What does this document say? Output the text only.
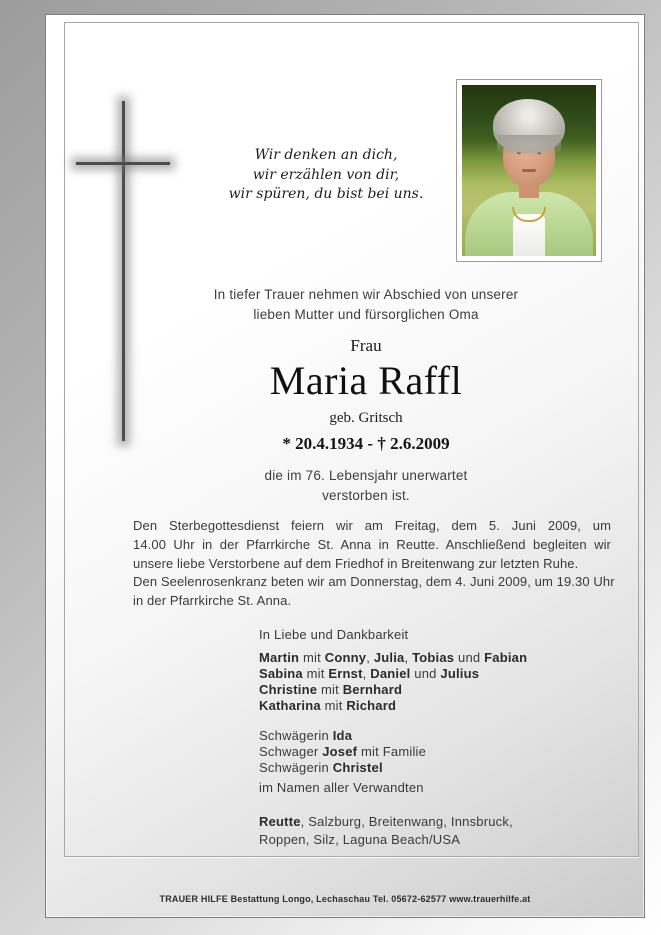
Wir denken an dich,
wir erzählen von dir,
wir spüren, du bist bei uns.
In tiefer Trauer nehmen wir Abschied von unserer
lieben Mutter und fürsorglichen Oma
Frau
Maria Raffl
geb. Gritsch
* 20.4.1934 - † 2.6.2009
die im 76. Lebensjahr unerwartet
verstorben ist.
Den Sterbegottesdienst feiern wir am Freitag, dem 5. Juni 2009, um
14.00 Uhr in der Pfarrkirche St. Anna in Reutte. Anschließend begleiten wir
unsere liebe Verstorbene auf dem Friedhof in Breitenwang zur letzten Ruhe.
Den Seelenrosenkranz beten wir am Donnerstag, dem 4. Juni 2009, um 19.30 Uhr
in der Pfarrkirche St. Anna.
In Liebe und Dankbarkeit
Martin mit Conny, Julia, Tobias und Fabian
Sabina mit Ernst, Daniel und Julius
Christine mit Bernhard
Katharina mit Richard
Schwägerin Ida
Schwager Josef mit Familie
Schwägerin Christel
im Namen aller Verwandten
Reutte, Salzburg, Breitenwang, Innsbruck,
Roppen, Silz, Laguna Beach/USA
TRAUER HILFE Bestattung Longo, Lechaschau Tel. 05672-62577 www.trauerhilfe.at
